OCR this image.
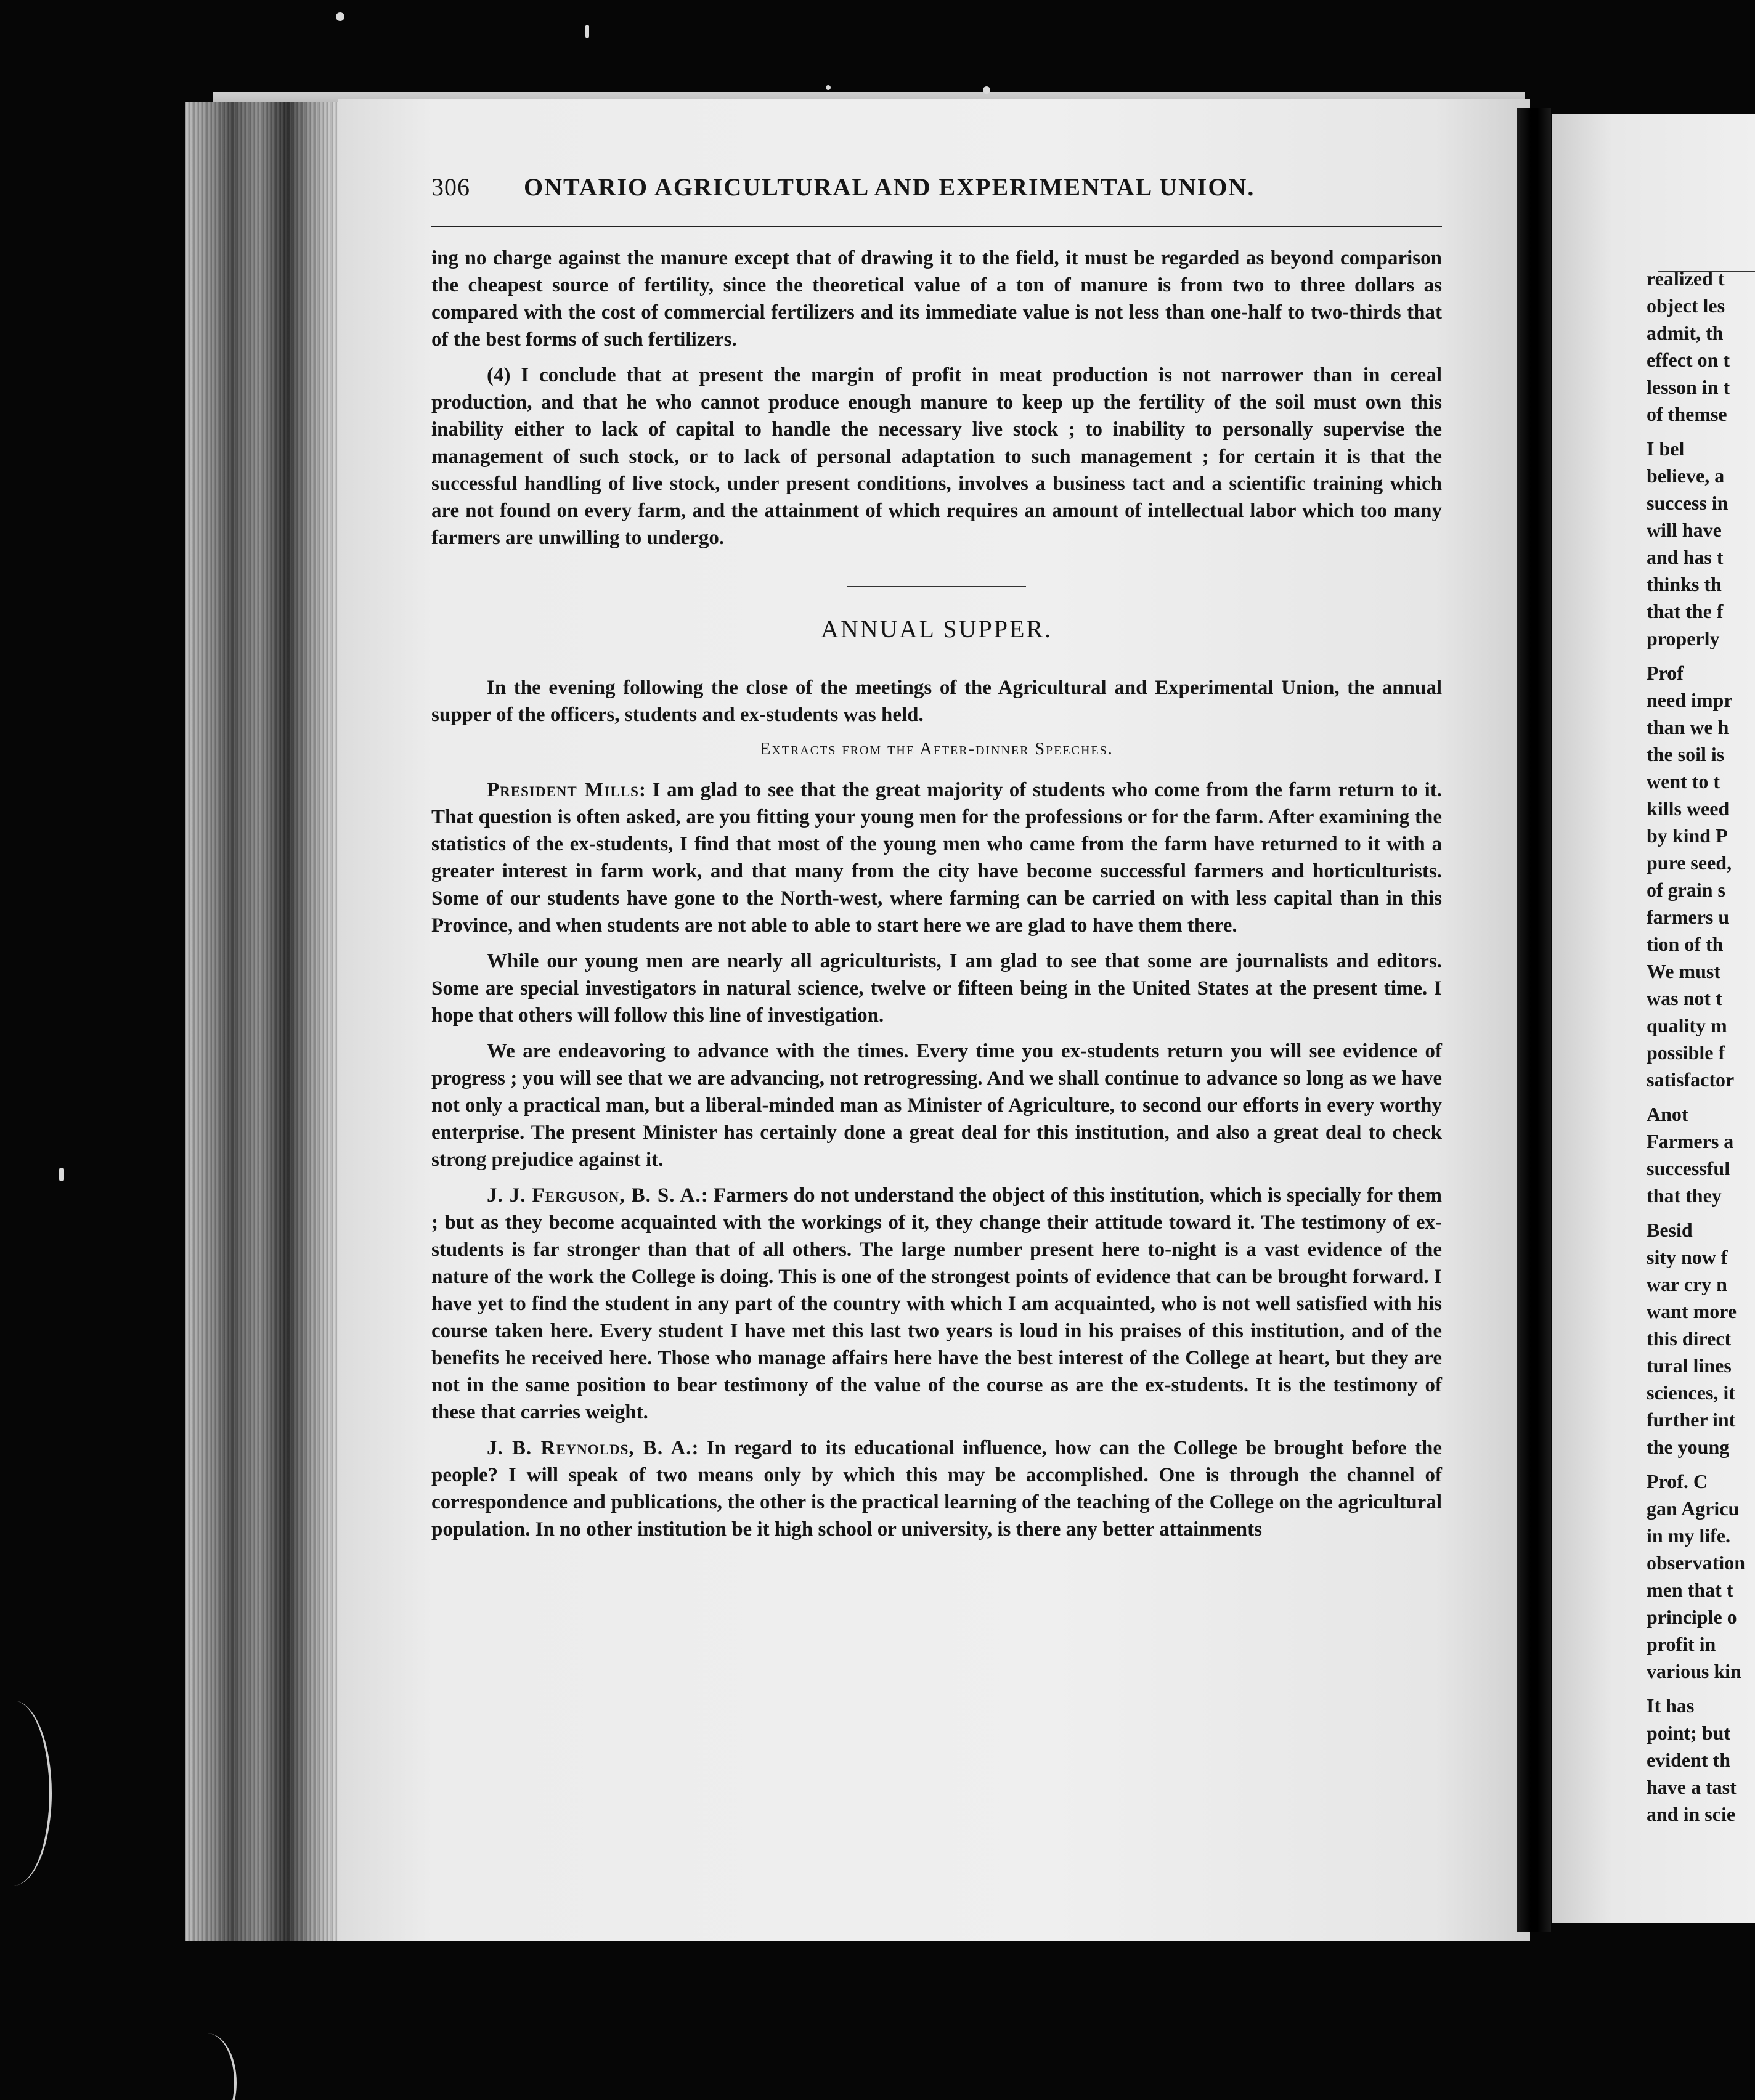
306	ONTARIO AGRICULTURAL AND EXPERIMENTAL UNION.

ing no charge against the manure except that of drawing it to the field, it must be regarded as beyond comparison the cheapest source of fertility, since the theoretical value of a ton of manure is from two to three dollars as compared with the cost of commercial fertilizers and its immediate value is not less than one-half to two-thirds that of the best forms of such fertilizers.

(4) I conclude that at present the margin of profit in meat production is not narrower than in cereal production, and that he who cannot produce enough manure to keep up the fertility of the soil must own this inability either to lack of capital to handle the necessary live stock ; to inability to personally supervise the management of such stock, or to lack of personal adaptation to such management ; for certain it is that the successful handling of live stock, under present conditions, involves a business tact and a scientific training which are not found on every farm, and the attainment of which requires an amount of intellectual labor which too many farmers are unwilling to undergo.

ANNUAL SUPPER.

In the evening following the close of the meetings of the Agricultural and Experimental Union, the annual supper of the officers, students and ex-students was held.

Extracts from the After-dinner Speeches.

President Mills: I am glad to see that the great majority of students who come from the farm return to it. That question is often asked, are you fitting your young men for the professions or for the farm. After examining the statistics of the ex-students, I find that most of the young men who came from the farm have returned to it with a greater interest in farm work, and that many from the city have become successful farmers and horticulturists. Some of our students have gone to the North-west, where farming can be carried on with less capital than in this Province, and when students are not able to able to start here we are glad to have them there.

While our young men are nearly all agriculturists, I am glad to see that some are journalists and editors. Some are special investigators in natural science, twelve or fifteen being in the United States at the present time. I hope that others will follow this line of investigation.

We are endeavoring to advance with the times. Every time you ex-students return you will see evidence of progress ; you will see that we are advancing, not retrogressing. And we shall continue to advance so long as we have not only a practical man, but a liberal-minded man as Minister of Agriculture, to second our efforts in every worthy enterprise. The present Minister has certainly done a great deal for this institution, and also a great deal to check strong prejudice against it.

J. J. Ferguson, B. S. A.: Farmers do not understand the object of this institution, which is specially for them ; but as they become acquainted with the workings of it, they change their attitude toward it. The testimony of ex-students is far stronger than that of all others. The large number present here to-night is a vast evidence of the nature of the work the College is doing. This is one of the strongest points of evidence that can be brought forward. I have yet to find the student in any part of the country with which I am acquainted, who is not well satisfied with his course taken here. Every student I have met this last two years is loud in his praises of this institution, and of the benefits he received here. Those who manage affairs here have the best interest of the College at heart, but they are not in the same position to bear testimony of the value of the course as are the ex-students. It is the testimony of these that carries weight.

J. B. Reynolds, B. A.: In regard to its educational influence, how can the College be brought before the people? I will speak of two means only by which this may be accomplished. One is through the channel of correspondence and publications, the other is the practical learning of the teaching of the College on the agricultural population. In no other institution be it high school or university, is there any better attainments

realized t
object les
admit, th
effect on t
lesson in t
of themse
I bel
believe, a
success in
will have
and has t
thinks th
that the f
properly
Prof
need impr
than we h
the soil is
went to t
kills weed
by kind P
pure seed,
of grain s
farmers u
tion of th
We must
was not t
quality m
possible f
satisfactor
Anot
Farmers a
successful
that they
Besid
sity now f
war cry n
want more
this direct
tural lines
sciences, it
further int
the young
Prof. C
gan Agricu
in my life.
observation
men that t
principle o
profit in
various kin
It has
point; but
evident th
have a tast
and in scie
